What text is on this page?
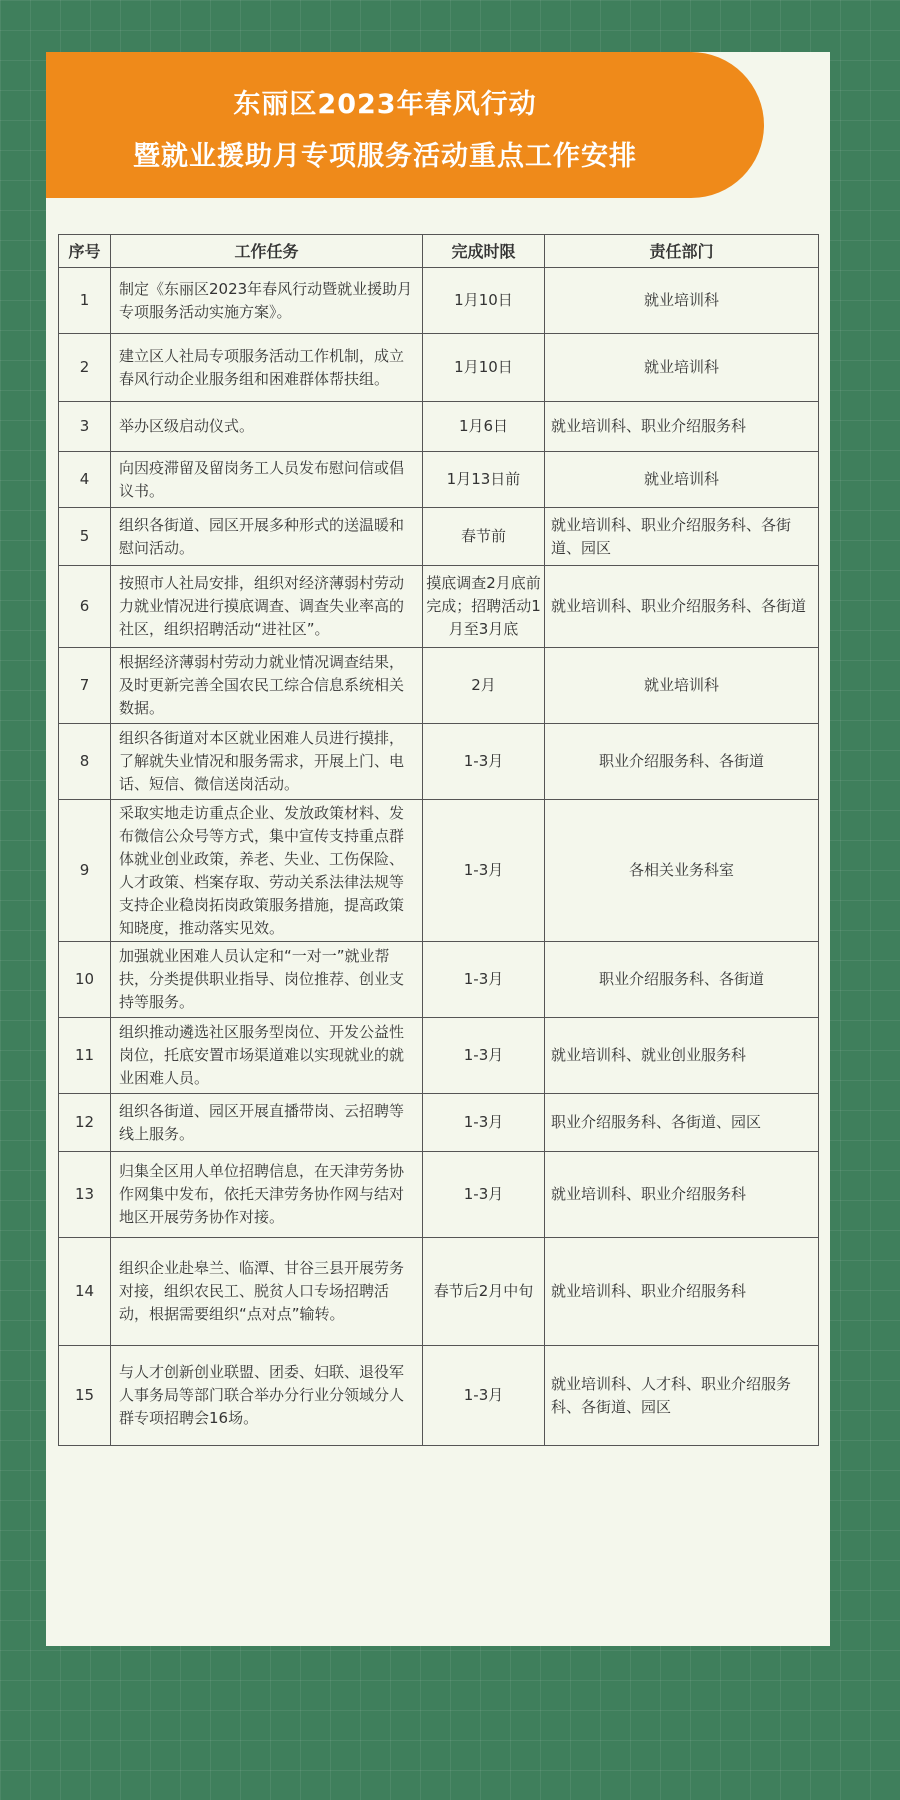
东丽区2023年春风行动
暨就业援助月专项服务活动重点工作安排
序号	工作任务	完成时限	责任部门
1	制定《东丽区2023年春风行动暨就业援助月专项服务活动实施方案》。	1月10日	就业培训科
2	建立区人社局专项服务活动工作机制，成立春风行动企业服务组和困难群体帮扶组。	1月10日	就业培训科
3	举办区级启动仪式。	1月6日	就业培训科、职业介绍服务科
4	向因疫滞留及留岗务工人员发布慰问信或倡议书。	1月13日前	就业培训科
5	组织各街道、园区开展多种形式的送温暖和慰问活动。	春节前	就业培训科、职业介绍服务科、各街道、园区
6	按照市人社局安排，组织对经济薄弱村劳动力就业情况进行摸底调查、调查失业率高的社区，组织招聘活动“进社区”。	摸底调查2月底前完成；招聘活动1月至3月底	就业培训科、职业介绍服务科、各街道
7	根据经济薄弱村劳动力就业情况调查结果，及时更新完善全国农民工综合信息系统相关数据。	2月	就业培训科
8	组织各街道对本区就业困难人员进行摸排，了解就失业情况和服务需求，开展上门、电话、短信、微信送岗活动。	1-3月	职业介绍服务科、各街道
9	采取实地走访重点企业、发放政策材料、发布微信公众号等方式，集中宣传支持重点群体就业创业政策，养老、失业、工伤保险、人才政策、档案存取、劳动关系法律法规等支持企业稳岗拓岗政策服务措施，提高政策知晓度，推动落实见效。	1-3月	各相关业务科室
10	加强就业困难人员认定和“一对一”就业帮扶，分类提供职业指导、岗位推荐、创业支持等服务。	1-3月	职业介绍服务科、各街道
11	组织推动遴选社区服务型岗位、开发公益性岗位，托底安置市场渠道难以实现就业的就业困难人员。	1-3月	就业培训科、就业创业服务科
12	组织各街道、园区开展直播带岗、云招聘等线上服务。	1-3月	职业介绍服务科、各街道、园区
13	归集全区用人单位招聘信息，在天津劳务协作网集中发布，依托天津劳务协作网与结对地区开展劳务协作对接。	1-3月	就业培训科、职业介绍服务科
14	组织企业赴皋兰、临潭、甘谷三县开展劳务对接，组织农民工、脱贫人口专场招聘活动，根据需要组织“点对点”输转。	春节后2月中旬	就业培训科、职业介绍服务科
15	与人才创新创业联盟、团委、妇联、退役军人事务局等部门联合举办分行业分领域分人群专项招聘会16场。	1-3月	就业培训科、人才科、职业介绍服务科、各街道、园区
